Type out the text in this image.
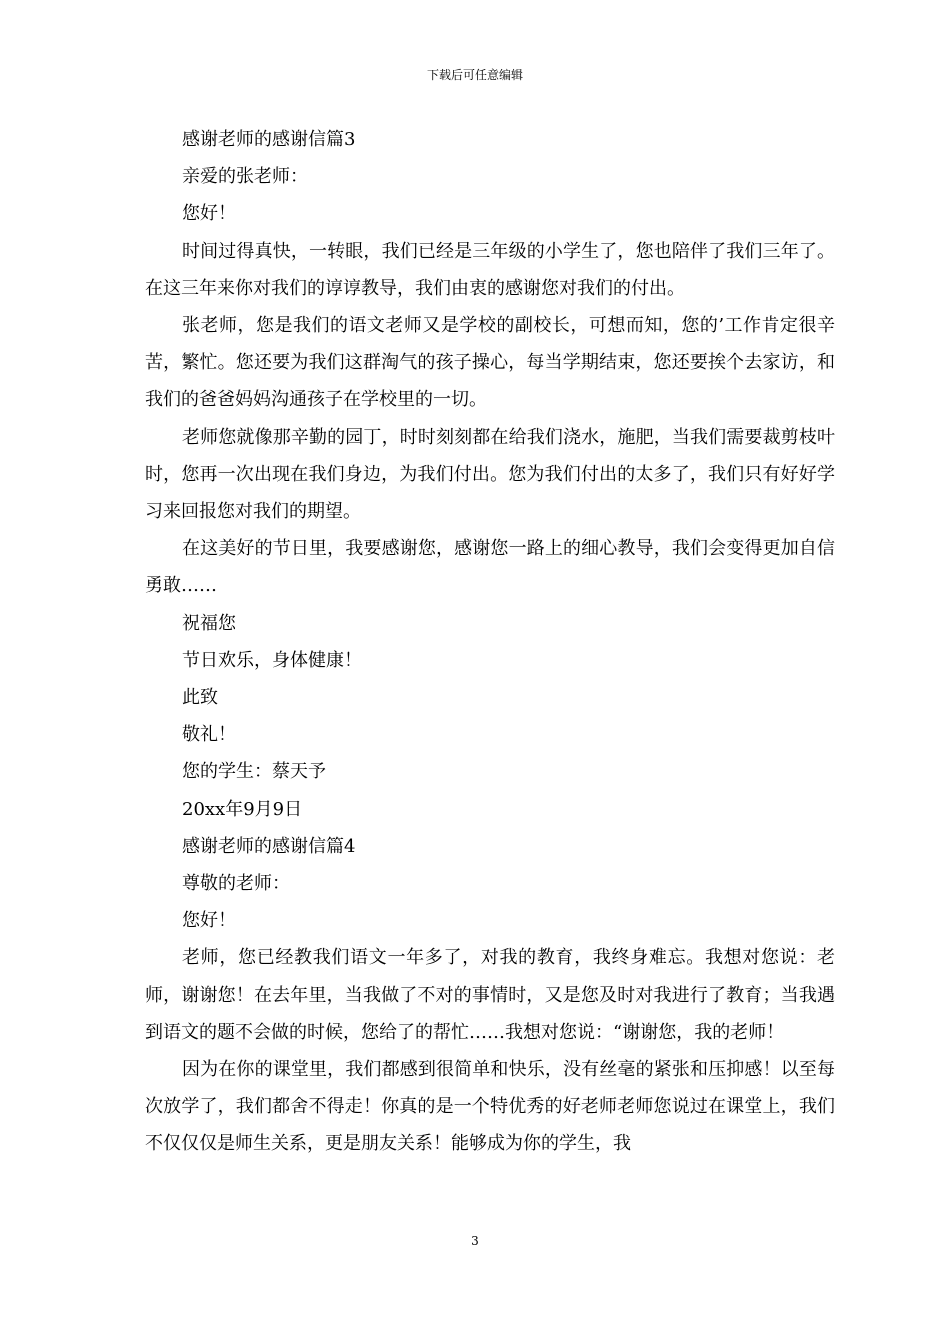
下载后可任意编辑

感谢老师的感谢信篇3

亲爱的张老师：

您好！

时间过得真快，一转眼，我们已经是三年级的小学生了，您也陪伴了我们三年了。在这三年来你对我们的谆谆教导，我们由衷的感谢您对我们的付出。

张老师，您是我们的语文老师又是学校的副校长，可想而知，您的’工作肯定很辛苦，繁忙。您还要为我们这群淘气的孩子操心，每当学期结束，您还要挨个去家访，和我们的爸爸妈妈沟通孩子在学校里的一切。

老师您就像那辛勤的园丁，时时刻刻都在给我们浇水，施肥，当我们需要裁剪枝叶时，您再一次出现在我们身边，为我们付出。您为我们付出的太多了，我们只有好好学习来回报您对我们的期望。

在这美好的节日里，我要感谢您，感谢您一路上的细心教导，我们会变得更加自信勇敢……

祝福您

节日欢乐，身体健康！

此致

敬礼！

您的学生：蔡天予

20xx年9月9日

感谢老师的感谢信篇4

尊敬的老师：

您好！

老师，您已经教我们语文一年多了，对我的教育，我终身难忘。我想对您说：老师，谢谢您！在去年里，当我做了不对的事情时，又是您及时对我进行了教育；当我遇到语文的题不会做的时候，您给了的帮忙……我想对您说：“谢谢您，我的老师！

因为在你的课堂里，我们都感到很简单和快乐，没有丝毫的紧张和压抑感！以至每次放学了，我们都舍不得走！你真的是一个特优秀的好老师老师您说过在课堂上，我们不仅仅仅是师生关系，更是朋友关系！能够成为你的学生，我

3
